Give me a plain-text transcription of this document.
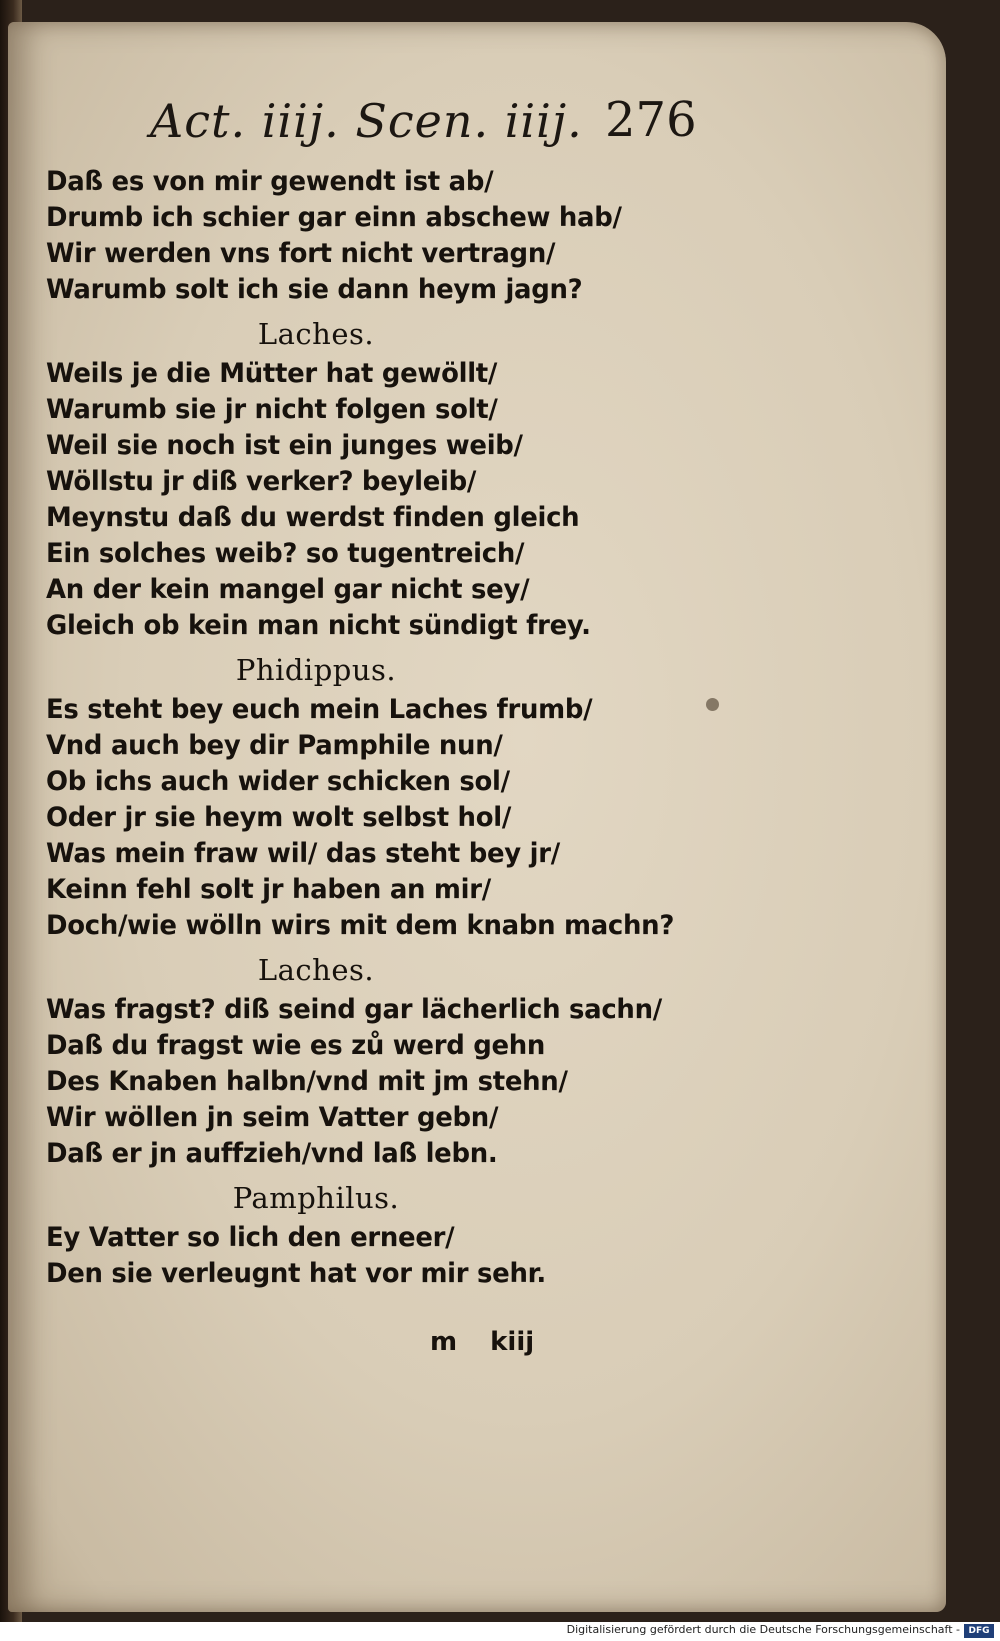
Act. iiij. Scen. iiij. 276
Daß es von mir gewendt ist ab/
Drumb ich schier gar einn abschew hab/
Wir werden vns fort nicht vertragn/
Warumb solt ich sie dann heym jagn?
Laches.
Weils je die Mütter hat gewöllt/
Warumb sie jr nicht folgen solt/
Weil sie noch ist ein junges weib/
Wöllstu jr diß verker? beyleib/
Meynstu daß du werdst finden gleich
Ein solches weib? so tugentreich/
An der kein mangel gar nicht sey/
Gleich ob kein man nicht sündigt frey.
Phidippus.
Es steht bey euch mein Laches frumb/
Vnd auch bey dir Pamphile nun/
Ob ichs auch wider schicken sol/
Oder jr sie heym wolt selbst hol/
Was mein fraw wil/ das steht bey jr/
Keinn fehl solt jr haben an mir/
Doch/wie wölln wirs mit dem knabn machn?
Laches.
Was fragst? diß seind gar lächerlich sachn/
Daß du fragst wie es zů werd gehn
Des Knaben halbn/vnd mit jm stehn/
Wir wöllen jn seim Vatter gebn/
Daß er jn auffzieh/vnd laß lebn.
Pamphilus.
Ey Vatter so lich den erneer/
Den sie verleugnt hat vor mir sehr.
m kiij
Digitalisierung gefördert durch die Deutsche Forschungsgemeinschaft - DFG
